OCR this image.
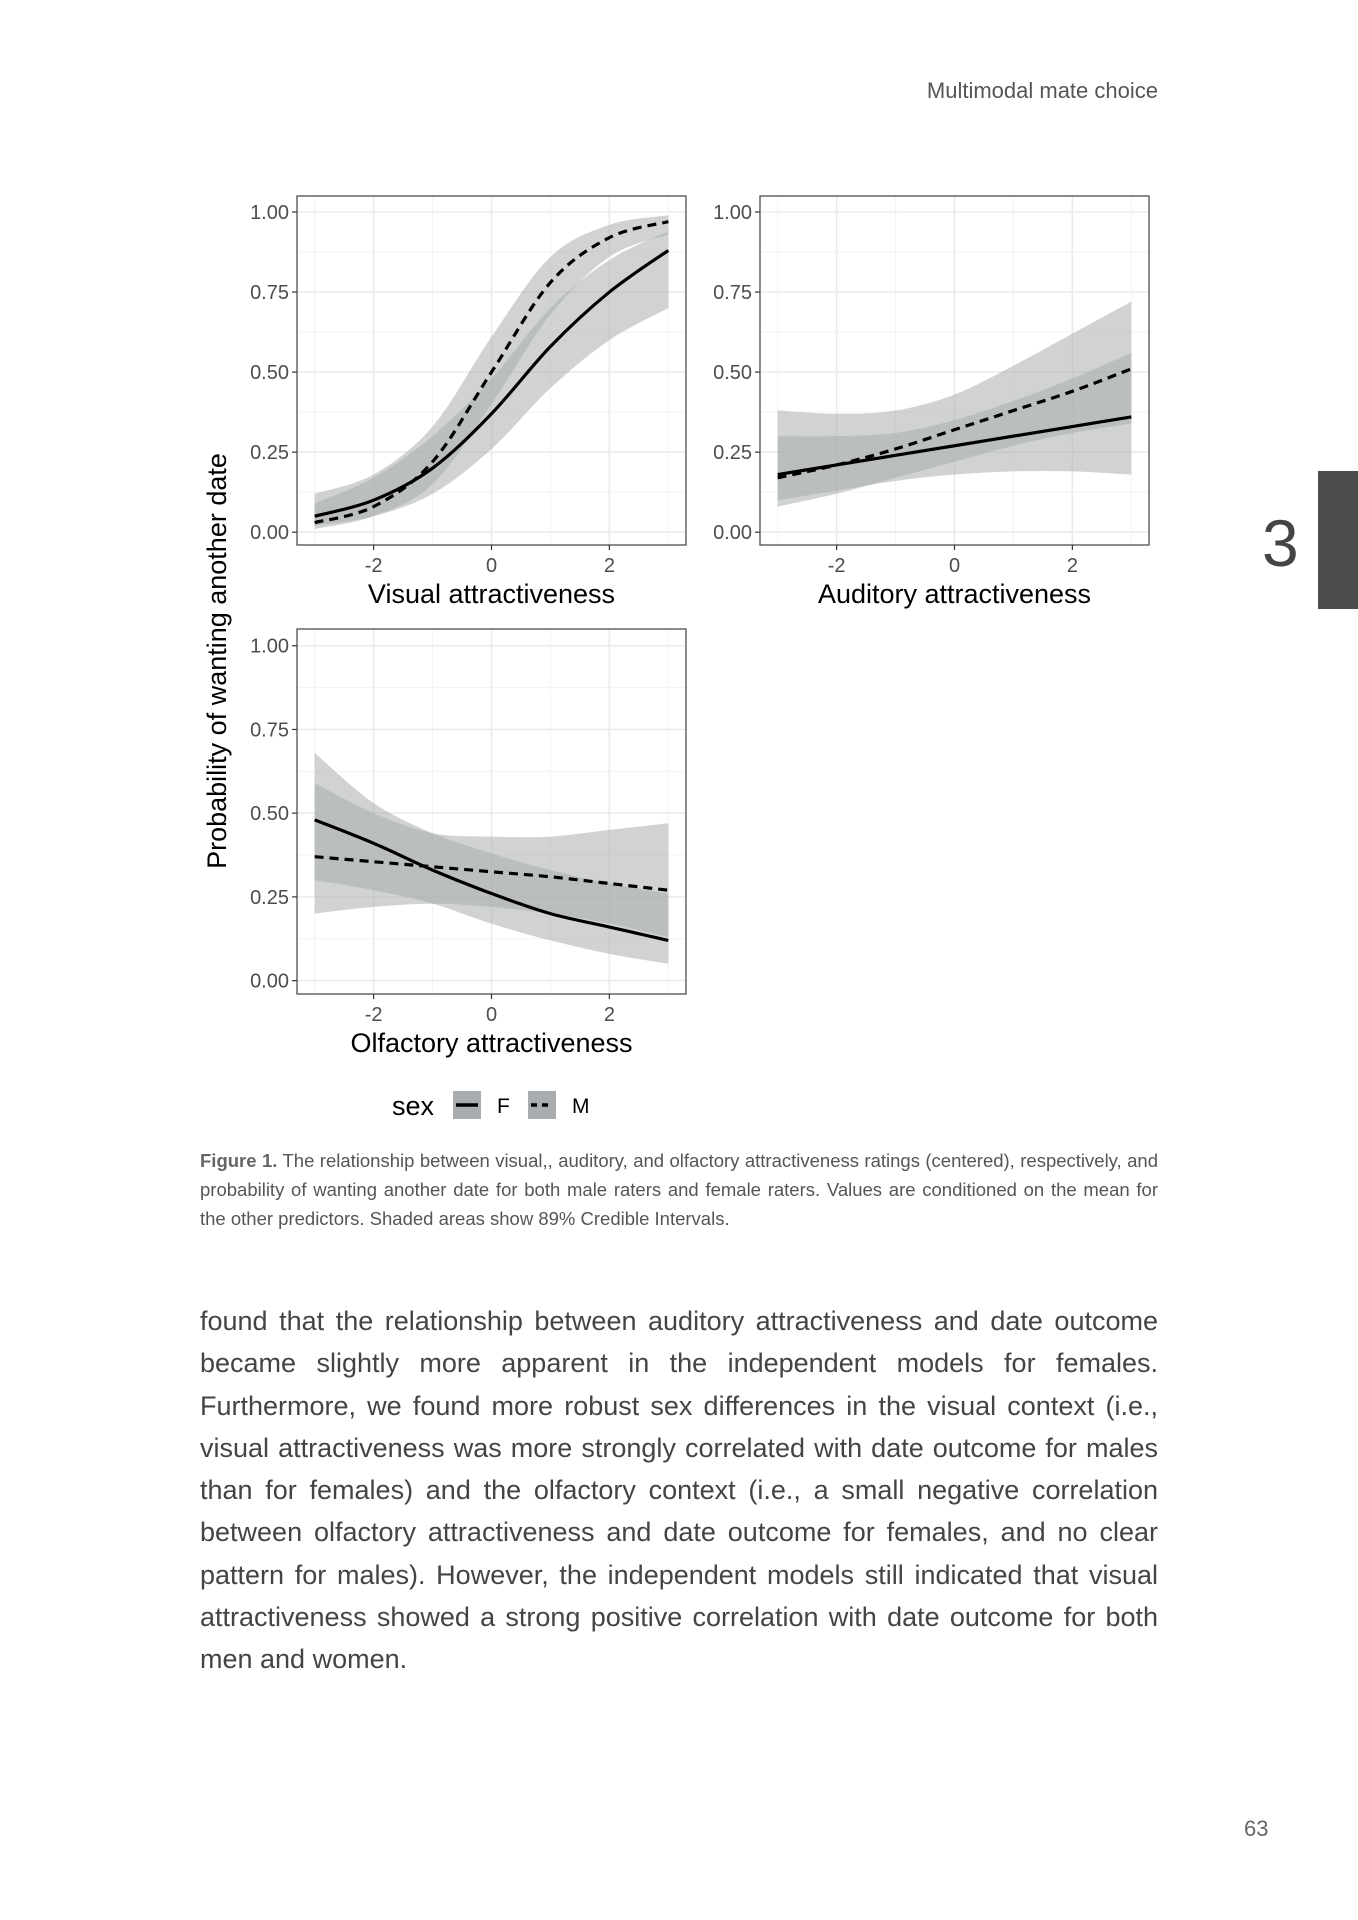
Multimodal mate choice
3
0.00
0.25
0.50
0.75
1.00
-2	0	2
Visual attractiveness
0.00
0.25
0.50
0.75
1.00
-2	0	2
Auditory attractiveness
0.00
0.25
0.50
0.75
1.00
-2	0	2
Olfactory attractiveness
Probability of wanting another date
sex	F	M
Figure 1. The relationship between visual,, auditory, and olfactory attractiveness ratings (centered), respectively, and probability of wanting another date for both male raters and female raters. Values are conditioned on the mean for the other predictors. Shaded areas show 89% Credible Intervals.
found that the relationship between auditory attractiveness and date outcome became slightly more apparent in the independent models for females. Furthermore, we found more robust sex differences in the visual context (i.e., visual attractiveness was more strongly correlated with date outcome for males than for females) and the olfactory context (i.e., a small negative correlation between olfactory attractiveness and date outcome for females, and no clear pattern for males). However, the independent models still indicated that visual attractiveness showed a strong positive correlation with date outcome for both men and women.
63
